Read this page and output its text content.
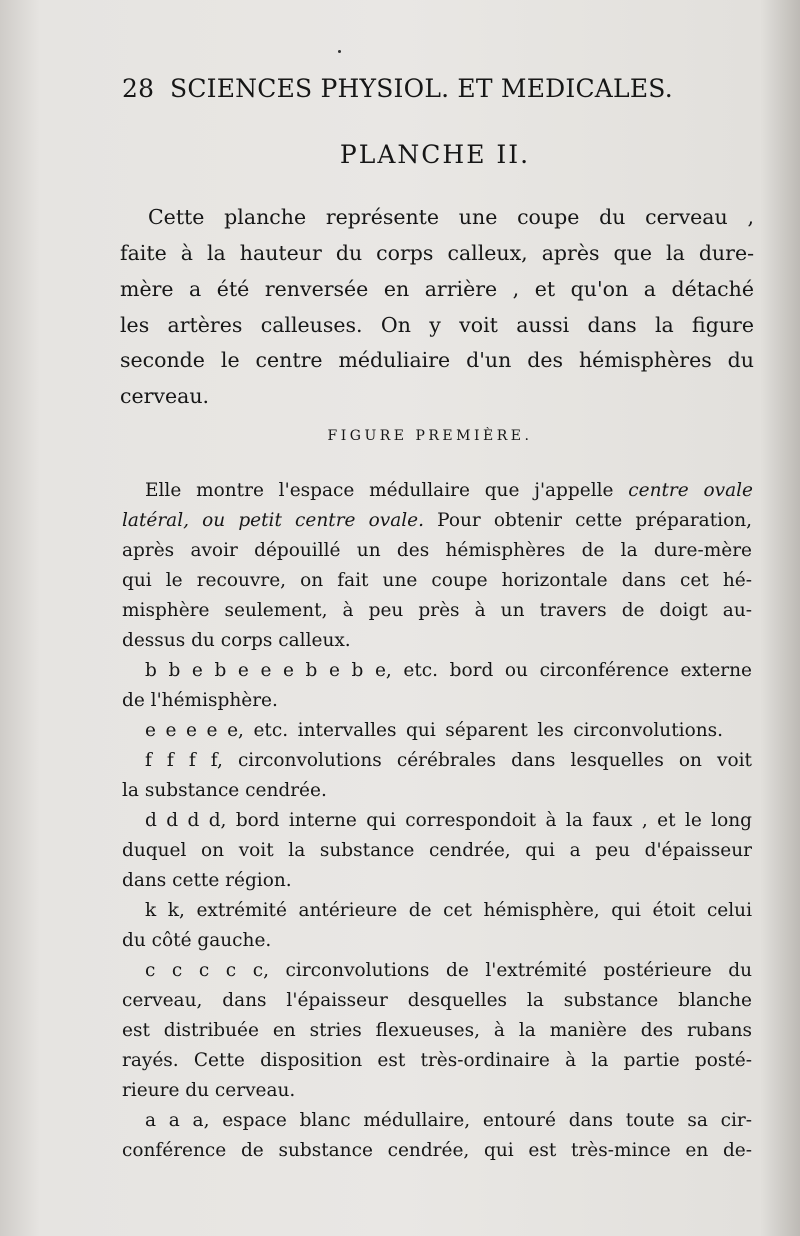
28 SCIENCES PHYSIOL. ET MEDICALES.
PLANCHE II.
Cette planche représente une coupe du cerveau ,
faite à la hauteur du corps calleux, après que la dure-
mère a été renversée en arrière , et qu'on a détaché
les artères calleuses. On y voit aussi dans la figure
seconde le centre méduliaire d'un des hémisphères du
cerveau.
FIGURE PREMIÈRE.
Elle montre l'espace médullaire que j'appelle centre ovale
latéral, ou petit centre ovale. Pour obtenir cette préparation,
après avoir dépouillé un des hémisphères de la dure-mère
qui le recouvre, on fait une coupe horizontale dans cet hé-
misphère seulement, à peu près à un travers de doigt au-
dessus du corps calleux.
b b e b e e e b e b e, etc. bord ou circonférence externe
de l'hémisphère.
e e e e e, etc. intervalles qui séparent les circonvolutions.
f f f f, circonvolutions cérébrales dans lesquelles on voit
la substance cendrée.
d d d d, bord interne qui correspondoit à la faux , et le long
duquel on voit la substance cendrée, qui a peu d'épaisseur
dans cette région.
k k, extrémité antérieure de cet hémisphère, qui étoit celui
du côté gauche.
c c c c c, circonvolutions de l'extrémité postérieure du
cerveau, dans l'épaisseur desquelles la substance blanche
est distribuée en stries flexueuses, à la manière des rubans
rayés. Cette disposition est très-ordinaire à la partie posté-
rieure du cerveau.
a a a, espace blanc médullaire, entouré dans toute sa cir-
conférence de substance cendrée, qui est très-mince en de-
